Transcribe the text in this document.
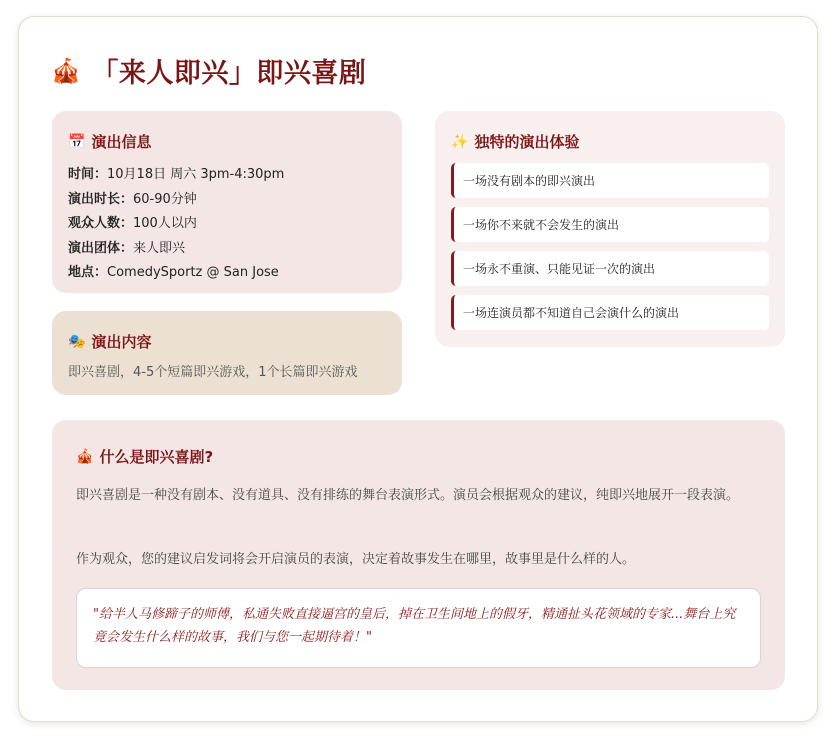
🎪 「来人即兴」即兴喜剧
📅 演出信息
时间：10月18日 周六 3pm-4:30pm
演出时长：60-90分钟
观众人数：100人以内
演出团体：来人即兴
地点：ComedySportz @ San Jose
🎭 演出内容
即兴喜剧，4-5个短篇即兴游戏，1个长篇即兴游戏
✨ 独特的演出体验
一场没有剧本的即兴演出
一场你不来就不会发生的演出
一场永不重演、只能见证一次的演出
一场连演员都不知道自己会演什么的演出
🎪 什么是即兴喜剧?
即兴喜剧是一种没有剧本、没有道具、没有排练的舞台表演形式。演员会根据观众的建议，纯即兴地展开一段表演。
作为观众，您的建议启发词将会开启演员的表演，决定着故事发生在哪里，故事里是什么样的人。
"给半人马修蹄子的师傅，私通失败直接逼宫的皇后，掉在卫生间地上的假牙，精通扯头花领域的专家...舞台上究竟会发生什么样的故事，我们与您一起期待着！"
